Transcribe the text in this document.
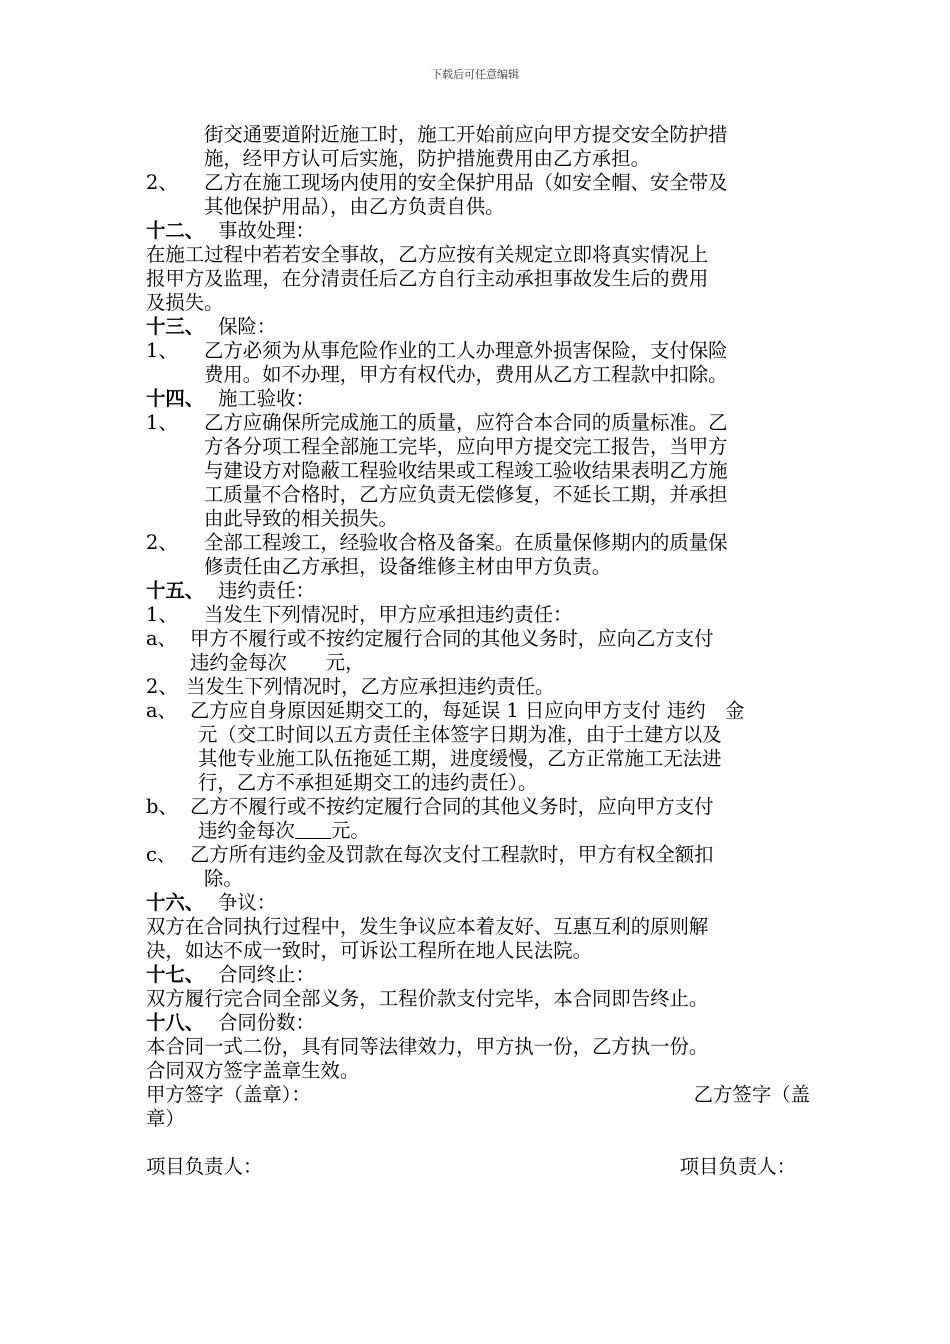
下载后可任意编辑
街交通要道附近施工时，施工开始前应向甲方提交安全防护措
施，经甲方认可后实施，防护措施费用由乙方承担。
2、 乙方在施工现场内使用的安全保护用品（如安全帽、安全带及
其他保护用品），由乙方负责自供。
十二、 事故处理：
在施工过程中若若安全事故，乙方应按有关规定立即将真实情况上
报甲方及监理，在分清责任后乙方自行主动承担事故发生后的费用
及损失。
十三、 保险：
1、 乙方必须为从事危险作业的工人办理意外损害保险，支付保险
费用。如不办理，甲方有权代办，费用从乙方工程款中扣除。
十四、 施工验收：
1、 乙方应确保所完成施工的质量，应符合本合同的质量标准。乙
方各分项工程全部施工完毕，应向甲方提交完工报告，当甲方
与建设方对隐蔽工程验收结果或工程竣工验收结果表明乙方施
工质量不合格时，乙方应负责无偿修复，不延长工期，并承担
由此导致的相关损失。
2、 全部工程竣工，经验收合格及备案。在质量保修期内的质量保
修责任由乙方承担，设备维修主材由甲方负责。
十五、 违约责任：
1、 当发生下列情况时，甲方应承担违约责任：
a、 甲方不履行或不按约定履行合同的其他义务时，应向乙方支付
违约金每次　　元，
2、 当发生下列情况时，乙方应承担违约责任。
a、 乙方应自身原因延期交工的，每延误 1 日应向甲方支付 违约　金
元（交工时间以五方责任主体签字日期为准，由于土建方以及
其他专业施工队伍拖延工期，进度缓慢，乙方正常施工无法进
行，乙方不承担延期交工的违约责任）。
b、 乙方不履行或不按约定履行合同的其他义务时，应向甲方支付
违约金每次 元。
c、 乙方所有违约金及罚款在每次支付工程款时，甲方有权全额扣
除。
十六、 争议：
双方在合同执行过程中，发生争议应本着友好、互惠互利的原则解
决，如达不成一致时，可诉讼工程所在地人民法院。
十七、 合同终止：
双方履行完合同全部义务，工程价款支付完毕，本合同即告终止。
十八、 合同份数：
本合同一式二份，具有同等法律效力，甲方执一份，乙方执一份。
合同双方签字盖章生效。
甲方签字（盖章）：	乙方签字（盖
章）
项目负责人：	项目负责人：
